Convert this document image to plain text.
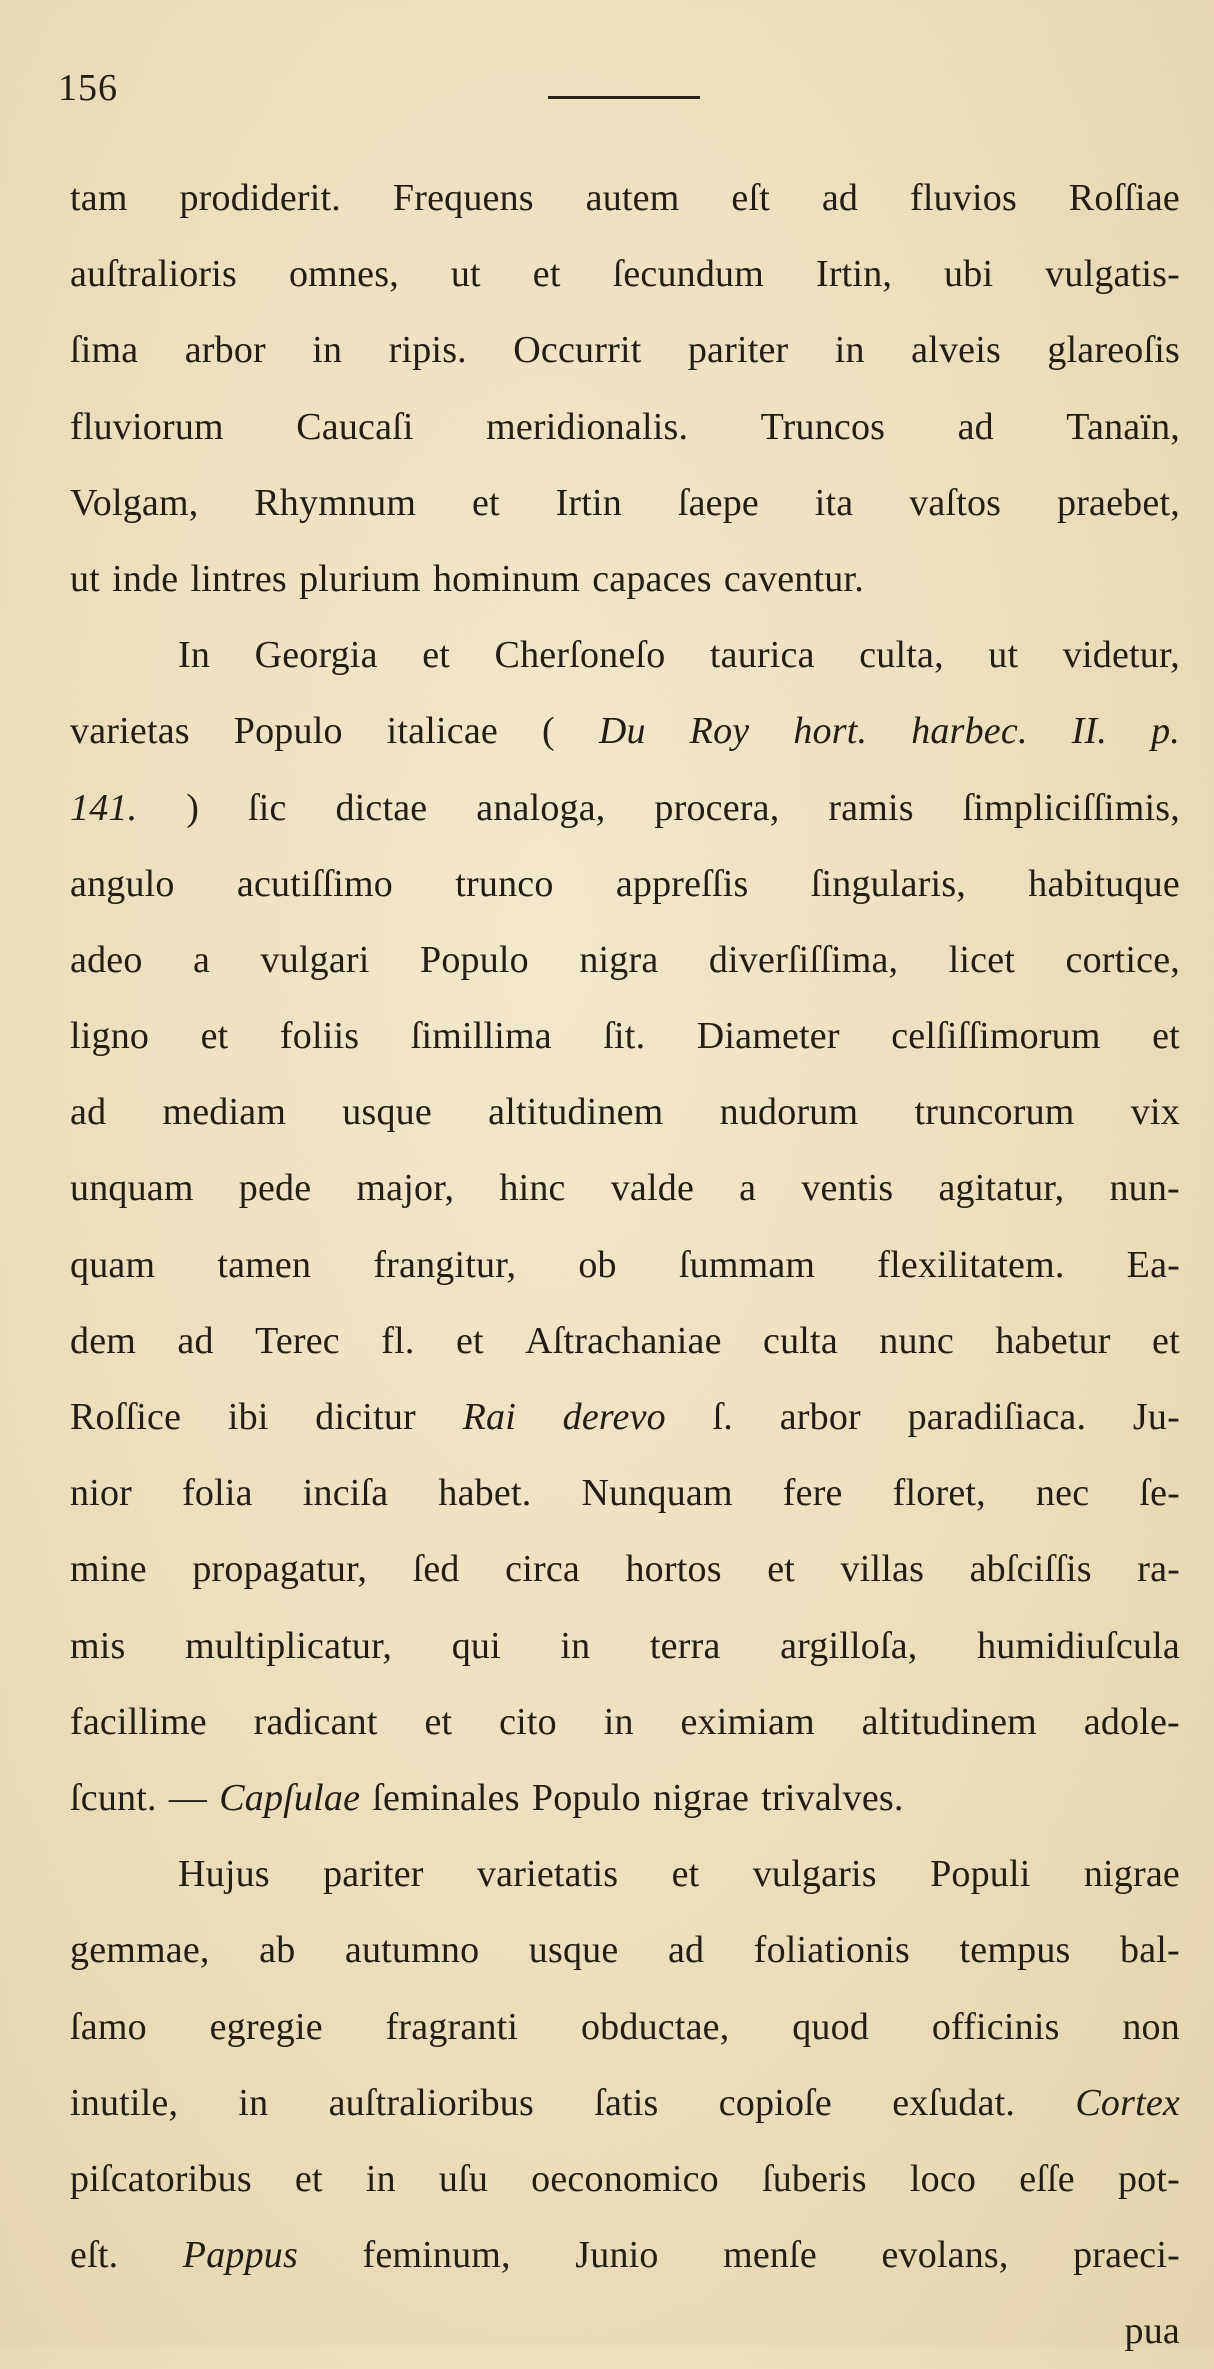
156
tam prodiderit. Frequens autem eſt ad fluvios Roſſiae
auſtralioris omnes, ut et ſecundum Irtin, ubi vulgatis-
ſima arbor in ripis. Occurrit pariter in alveis glareoſis
fluviorum Caucaſi meridionalis. Truncos ad Tanaïn,
Volgam, Rhymnum et Irtin ſaepe ita vaſtos praebet,
ut inde lintres plurium hominum capaces caventur.
In Georgia et Cherſoneſo taurica culta, ut videtur,
varietas Populo italicae ( Du Roy hort. harbec. II. p.
141. ) ſic dictae analoga, procera, ramis ſimpliciſſimis,
angulo acutiſſimo trunco appreſſis ſingularis, habituque
adeo a vulgari Populo nigra diverſiſſima, licet cortice,
ligno et foliis ſimillima ſit. Diameter celſiſſimorum et
ad mediam usque altitudinem nudorum truncorum vix
unquam pede major, hinc valde a ventis agitatur, nun-
quam tamen frangitur, ob ſummam flexilitatem. Ea-
dem ad Terec fl. et Aſtrachaniae culta nunc habetur et
Roſſice ibi dicitur Rai derevo ſ. arbor paradiſiaca. Ju-
nior folia inciſa habet. Nunquam fere floret, nec ſe-
mine propagatur, ſed circa hortos et villas abſciſſis ra-
mis multiplicatur, qui in terra argilloſa, humidiuſcula
facillime radicant et cito in eximiam altitudinem adole-
ſcunt. — Capſulae ſeminales Populo nigrae trivalves.
Hujus pariter varietatis et vulgaris Populi nigrae
gemmae, ab autumno usque ad foliationis tempus bal-
ſamo egregie fragranti obductae, quod officinis non
inutile, in auſtralioribus ſatis copioſe exſudat. Cortex
piſcatoribus et in uſu oeconomico ſuberis loco eſſe pot-
eſt. Pappus feminum, Junio menſe evolans, praeci-
pua
